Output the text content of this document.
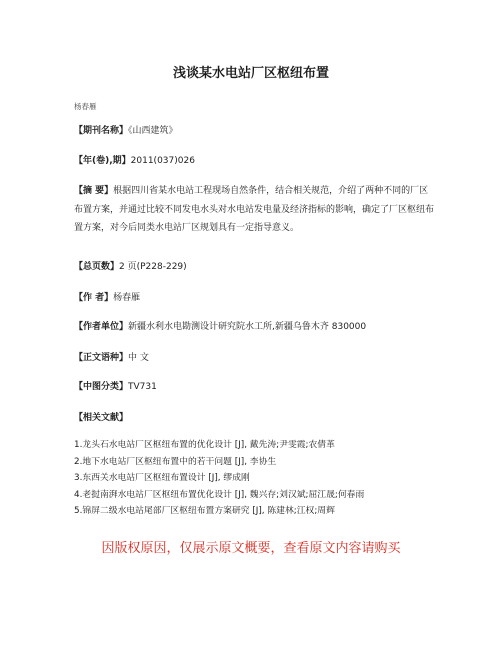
浅谈某水电站厂区枢纽布置
杨春雁
【期刊名称】《山西建筑》
【年(卷),期】2011(037)026
【摘 要】根据四川省某水电站工程现场自然条件，结合相关规范，介绍了两种不同的厂区布置方案，并通过比较不同发电水头对水电站发电量及经济指标的影响，确定了厂区枢纽布置方案，对今后同类水电站厂区规划具有一定指导意义。
【总页数】2 页(P228-229)
【作 者】杨春雁
【作者单位】新疆水利水电勘测设计研究院水工所,新疆乌鲁木齐 830000
【正文语种】中 文
【中图分类】TV731
【相关文献】
1.龙头石水电站厂区枢纽布置的优化设计 [J], 戴先涛;尹雯霞;农倩革
2.地下水电站厂区枢纽布置中的若干问题 [J], 李协生
3.东西关水电站厂区枢纽布置设计 [J], 缪成刚
4.老挝南湃水电站厂区枢纽布置优化设计 [J], 魏兴存;刘汉斌;屈江晟;何春雨
5.锦屏二级水电站尾部厂区枢纽布置方案研究 [J], 陈建林;江权;周辉
因版权原因，仅展示原文概要，查看原文内容请购买
